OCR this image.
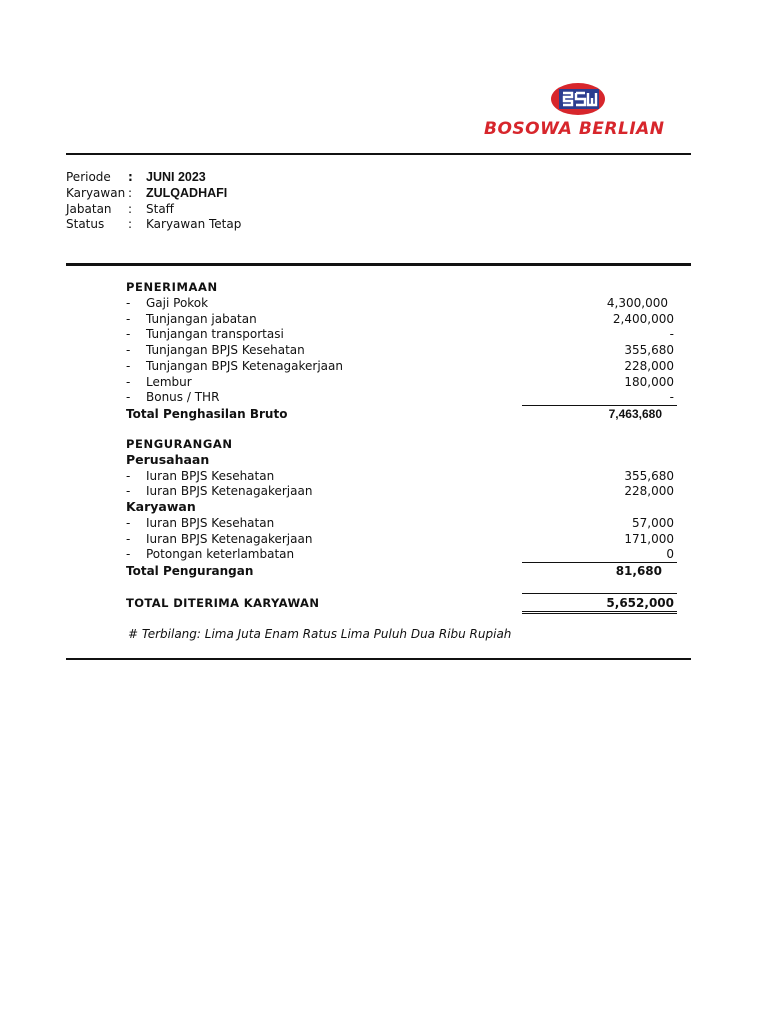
BOSOWA BERLIAN
Periode : JUNI 2023
Karyawan : ZULQADHAFI
Jabatan : Staff
Status : Karyawan Tetap
PENERIMAAN
- Gaji Pokok	4,300,000
- Tunjangan jabatan	2,400,000
- Tunjangan transportasi	-
- Tunjangan BPJS Kesehatan	355,680
- Tunjangan BPJS Ketenagakerjaan	228,000
- Lembur	180,000
- Bonus / THR	-
Total Penghasilan Bruto	7,463,680
PENGURANGAN
Perusahaan
- Iuran BPJS Kesehatan	355,680
- Iuran BPJS Ketenagakerjaan	228,000
Karyawan
- Iuran BPJS Kesehatan	57,000
- Iuran BPJS Ketenagakerjaan	171,000
- Potongan keterlambatan	0
Total Pengurangan	81,680
TOTAL DITERIMA KARYAWAN	5,652,000
# Terbilang: Lima Juta Enam Ratus Lima Puluh Dua Ribu Rupiah
